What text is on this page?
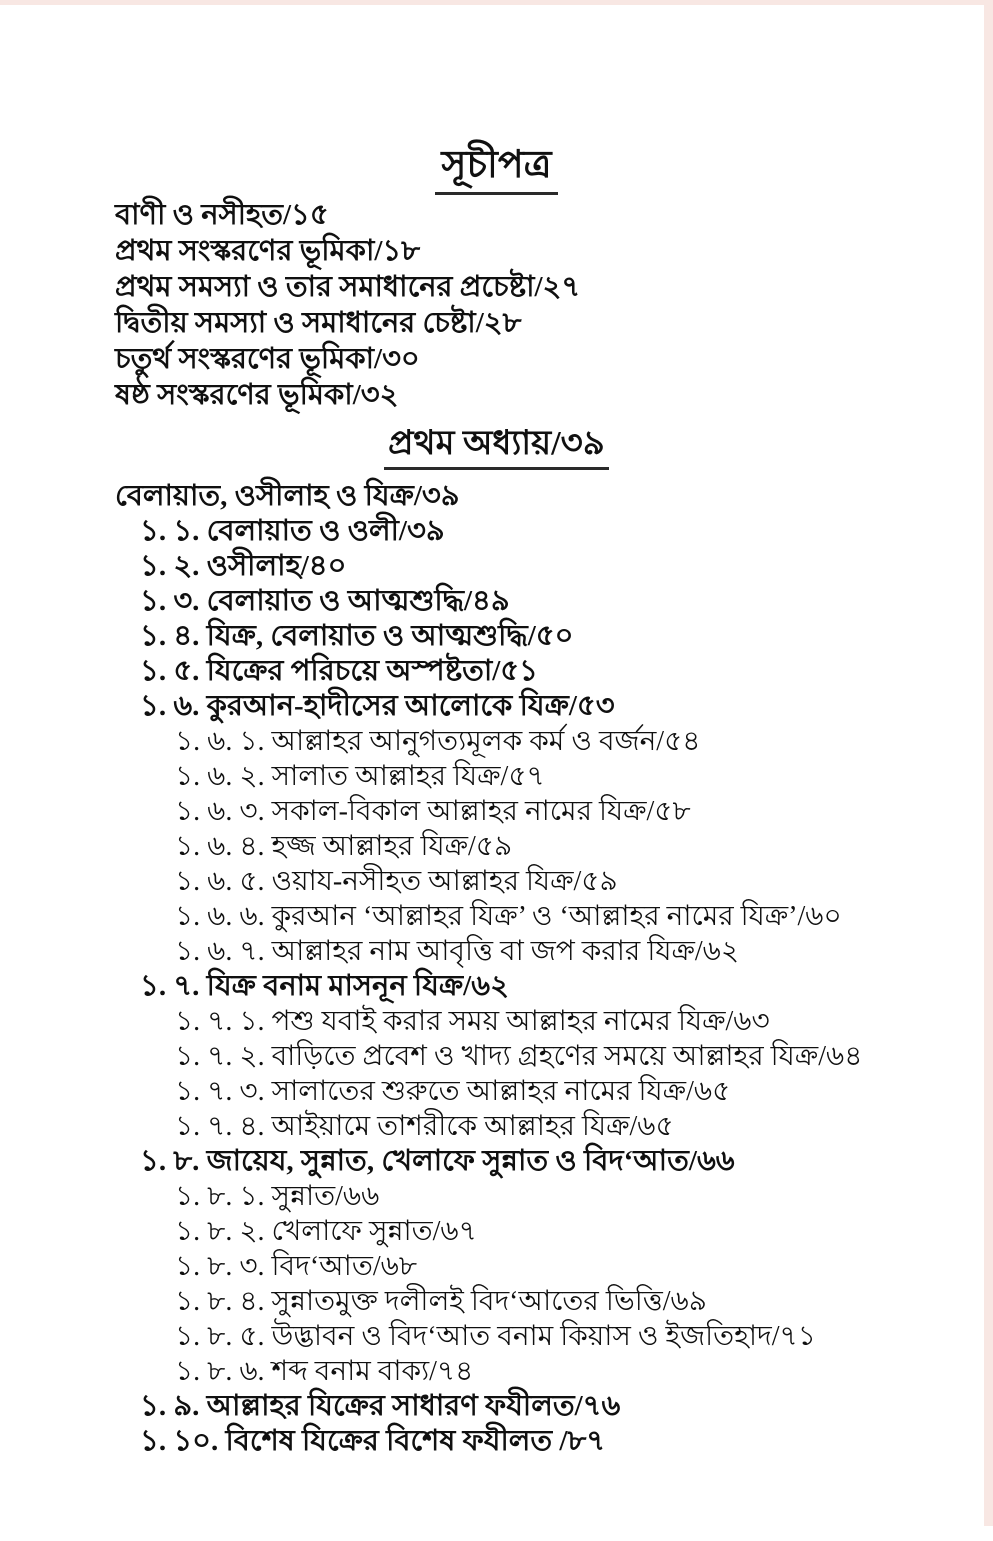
সূচীপত্র
বাণী ও নসীহত/১৫
প্রথম সংস্করণের ভূমিকা/১৮
প্রথম সমস্যা ও তার সমাধানের প্রচেষ্টা/২৭
দ্বিতীয় সমস্যা ও সমাধানের চেষ্টা/২৮
চতুর্থ সংস্করণের ভূমিকা/৩০
ষষ্ঠ সংস্করণের ভূমিকা/৩২
প্রথম অধ্যায়/৩৯
বেলায়াত, ওসীলাহ ও যিক্র/৩৯
১. ১. বেলায়াত ও ওলী/৩৯
১. ২. ওসীলাহ/৪০
১. ৩. বেলায়াত ও আত্মশুদ্ধি/৪৯
১. ৪. যিক্র, বেলায়াত ও আত্মশুদ্ধি/৫০
১. ৫. যিক্রের পরিচয়ে অস্পষ্টতা/৫১
১. ৬. কুরআন-হাদীসের আলোকে যিক্র/৫৩
১. ৬. ১. আল্লাহর আনুগত্যমূলক কর্ম ও বর্জন/৫৪
১. ৬. ২. সালাত আল্লাহর যিক্র/৫৭
১. ৬. ৩. সকাল-বিকাল আল্লাহর নামের যিক্র/৫৮
১. ৬. ৪. হজ্জ আল্লাহর যিক্র/৫৯
১. ৬. ৫. ওয়ায-নসীহত আল্লাহর যিক্র/৫৯
১. ৬. ৬. কুরআন ‘আল্লাহর যিক্র’ ও ‘আল্লাহর নামের যিক্র’/৬০
১. ৬. ৭. আল্লাহর নাম আবৃত্তি বা জপ করার যিক্র/৬২
১. ৭. যিক্র বনাম মাসনূন যিক্র/৬২
১. ৭. ১. পশু যবাই করার সময় আল্লাহর নামের যিক্র/৬৩
১. ৭. ২. বাড়িতে প্রবেশ ও খাদ্য গ্রহণের সময়ে আল্লাহর যিক্র/৬৪
১. ৭. ৩. সালাতের শুরুতে আল্লাহর নামের যিক্র/৬৫
১. ৭. ৪. আইয়ামে তাশরীকে আল্লাহর যিক্র/৬৫
১. ৮. জায়েয, সুন্নাত, খেলাফে সুন্নাত ও বিদ‘আত/৬৬
১. ৮. ১. সুন্নাত/৬৬
১. ৮. ২. খেলাফে সুন্নাত/৬৭
১. ৮. ৩. বিদ‘আত/৬৮
১. ৮. ৪. সুন্নাতমুক্ত দলীলই বিদ‘আতের ভিত্তি/৬৯
১. ৮. ৫. উদ্ভাবন ও বিদ‘আত বনাম কিয়াস ও ইজতিহাদ/৭১
১. ৮. ৬. শব্দ বনাম বাক্য/৭৪
১. ৯. আল্লাহর যিক্রের সাধারণ ফযীলত/৭৬
১. ১০. বিশেষ যিক্রের বিশেষ ফযীলত /৮৭
